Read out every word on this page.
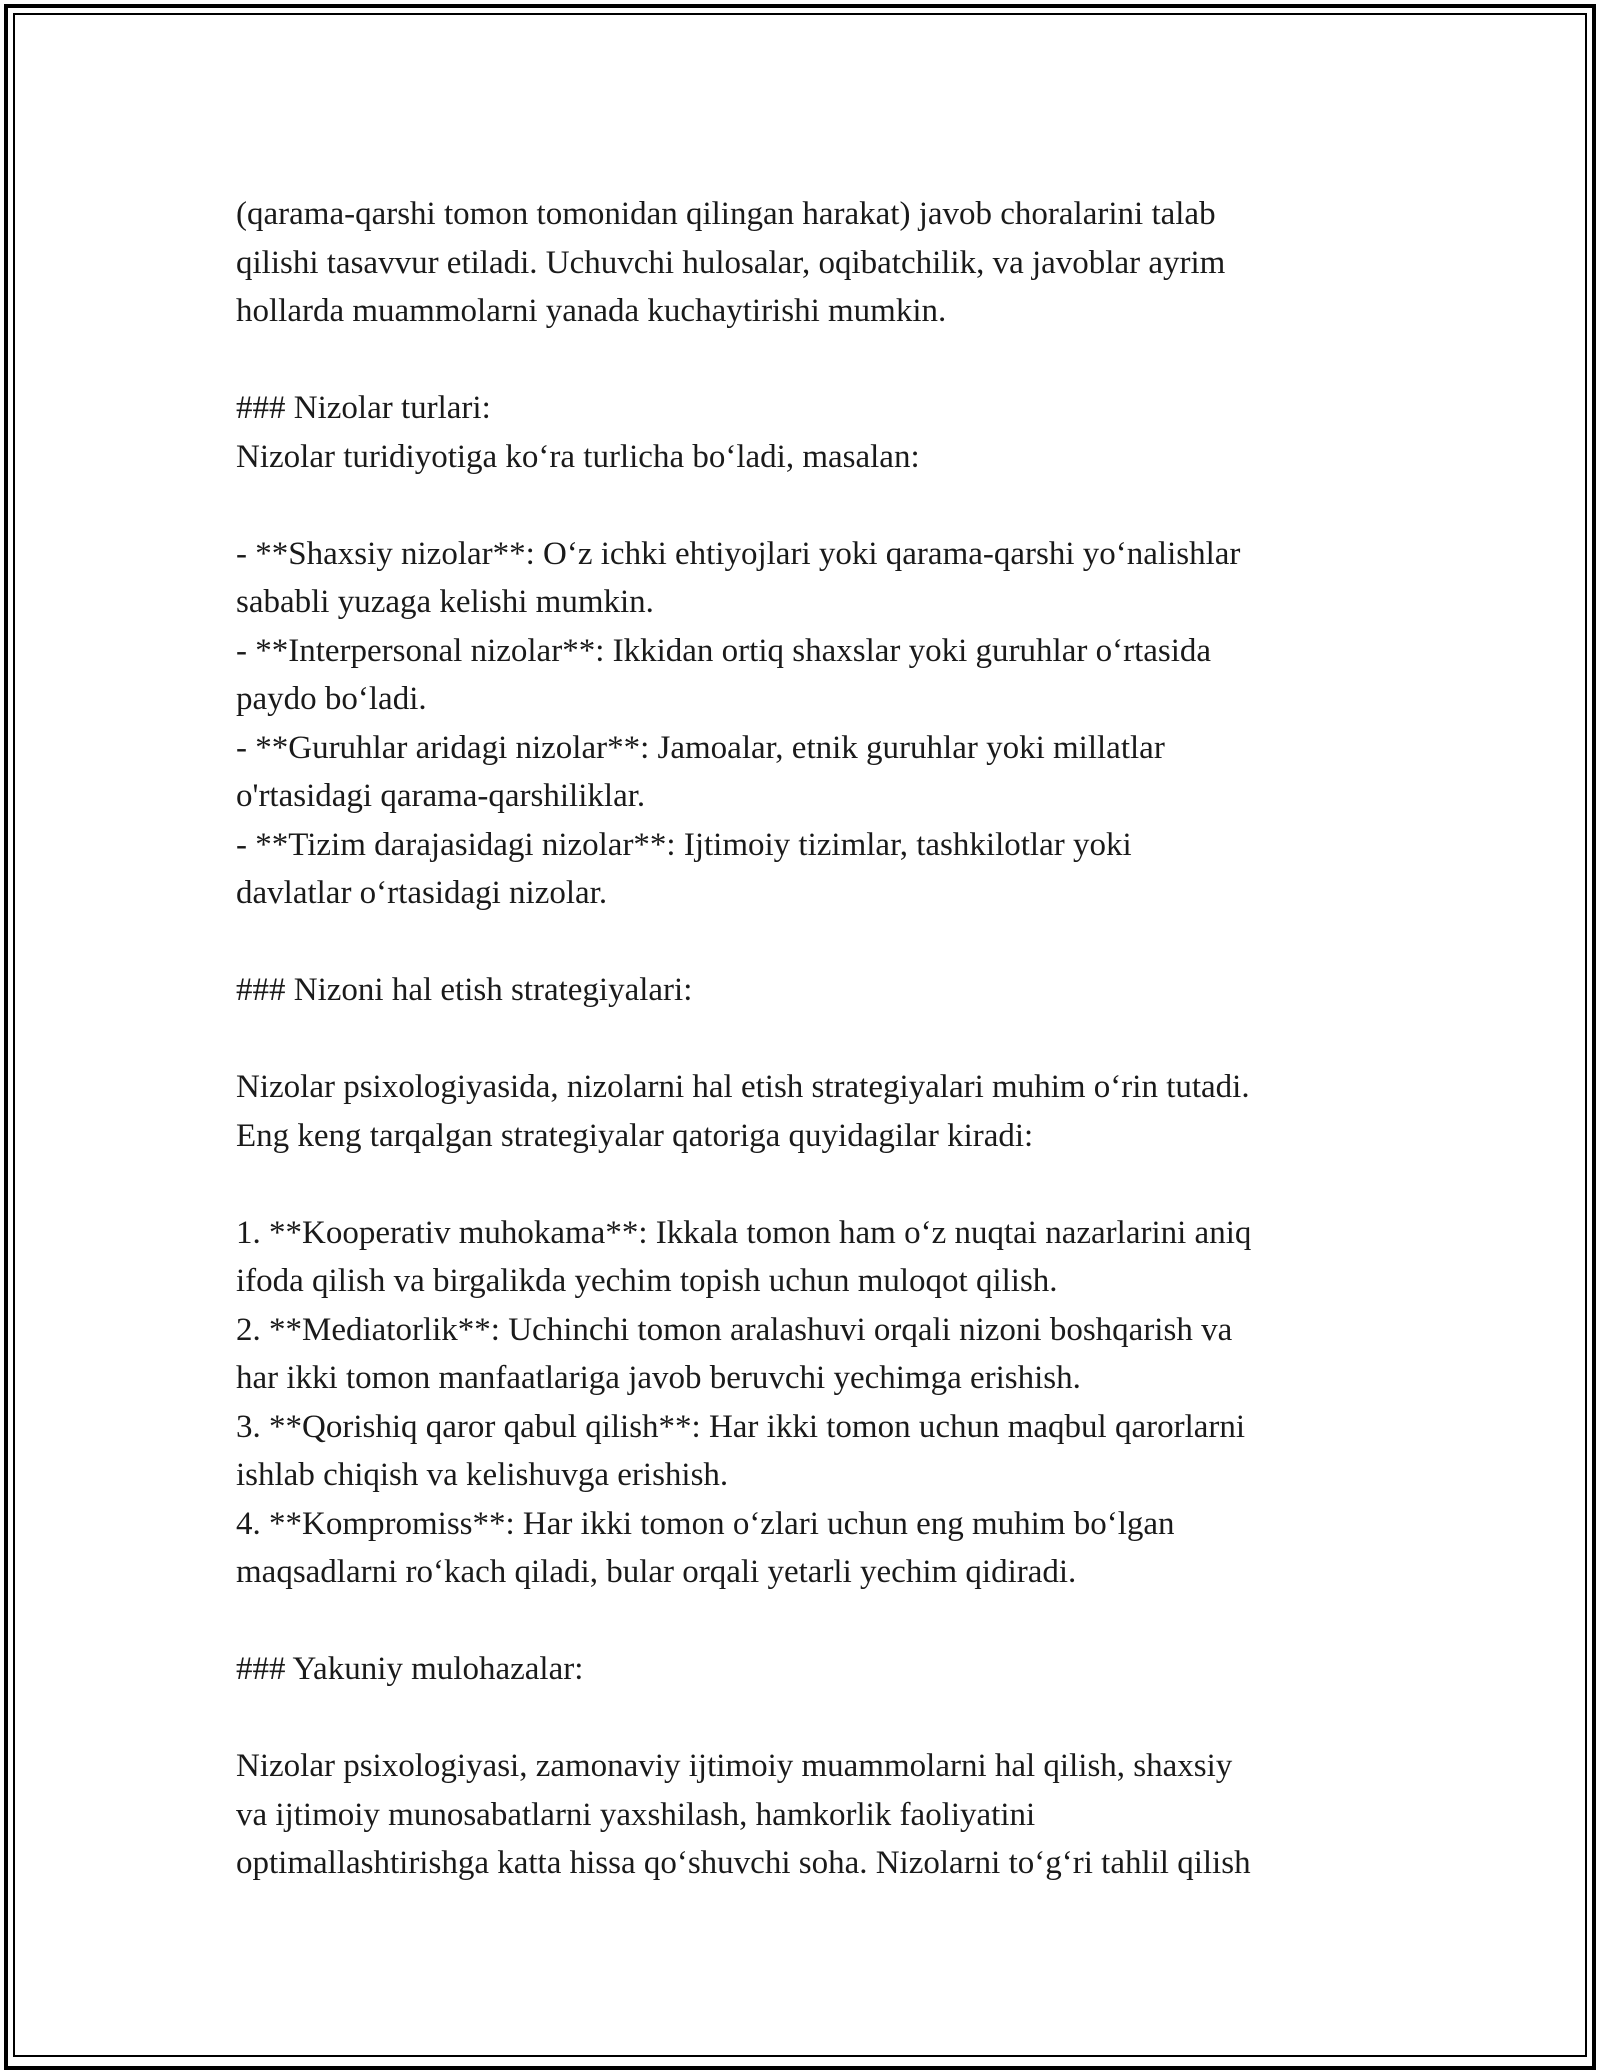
(qarama-qarshi tomon tomonidan qilingan harakat) javob choralarini talab
qilishi tasavvur etiladi. Uchuvchi hulosalar, oqibatchilik, va javoblar ayrim
hollarda muammolarni yanada kuchaytirishi mumkin.
### Nizolar turlari:
Nizolar turidiyotiga koʻra turlicha boʻladi, masalan:
- **Shaxsiy nizolar**: Oʻz ichki ehtiyojlari yoki qarama-qarshi yoʻnalishlar
sababli yuzaga kelishi mumkin.
- **Interpersonal nizolar**: Ikkidan ortiq shaxslar yoki guruhlar oʻrtasida
paydo boʻladi.
- **Guruhlar aridagi nizolar**: Jamoalar, etnik guruhlar yoki millatlar
o'rtasidagi qarama-qarshiliklar.
- **Tizim darajasidagi nizolar**: Ijtimoiy tizimlar, tashkilotlar yoki
davlatlar oʻrtasidagi nizolar.
### Nizoni hal etish strategiyalari:
Nizolar psixologiyasida, nizolarni hal etish strategiyalari muhim oʻrin tutadi.
Eng keng tarqalgan strategiyalar qatoriga quyidagilar kiradi:
1. **Kooperativ muhokama**: Ikkala tomon ham oʻz nuqtai nazarlarini aniq
ifoda qilish va birgalikda yechim topish uchun muloqot qilish.
2. **Mediatorlik**: Uchinchi tomon aralashuvi orqali nizoni boshqarish va
har ikki tomon manfaatlariga javob beruvchi yechimga erishish.
3. **Qorishiq qaror qabul qilish**: Har ikki tomon uchun maqbul qarorlarni
ishlab chiqish va kelishuvga erishish.
4. **Kompromiss**: Har ikki tomon oʻzlari uchun eng muhim boʻlgan
maqsadlarni roʻkach qiladi, bular orqali yetarli yechim qidiradi.
### Yakuniy mulohazalar:
Nizolar psixologiyasi, zamonaviy ijtimoiy muammolarni hal qilish, shaxsiy
va ijtimoiy munosabatlarni yaxshilash, hamkorlik faoliyatini
optimallashtirishga katta hissa qoʻshuvchi soha. Nizolarni toʻgʻri tahlil qilish
